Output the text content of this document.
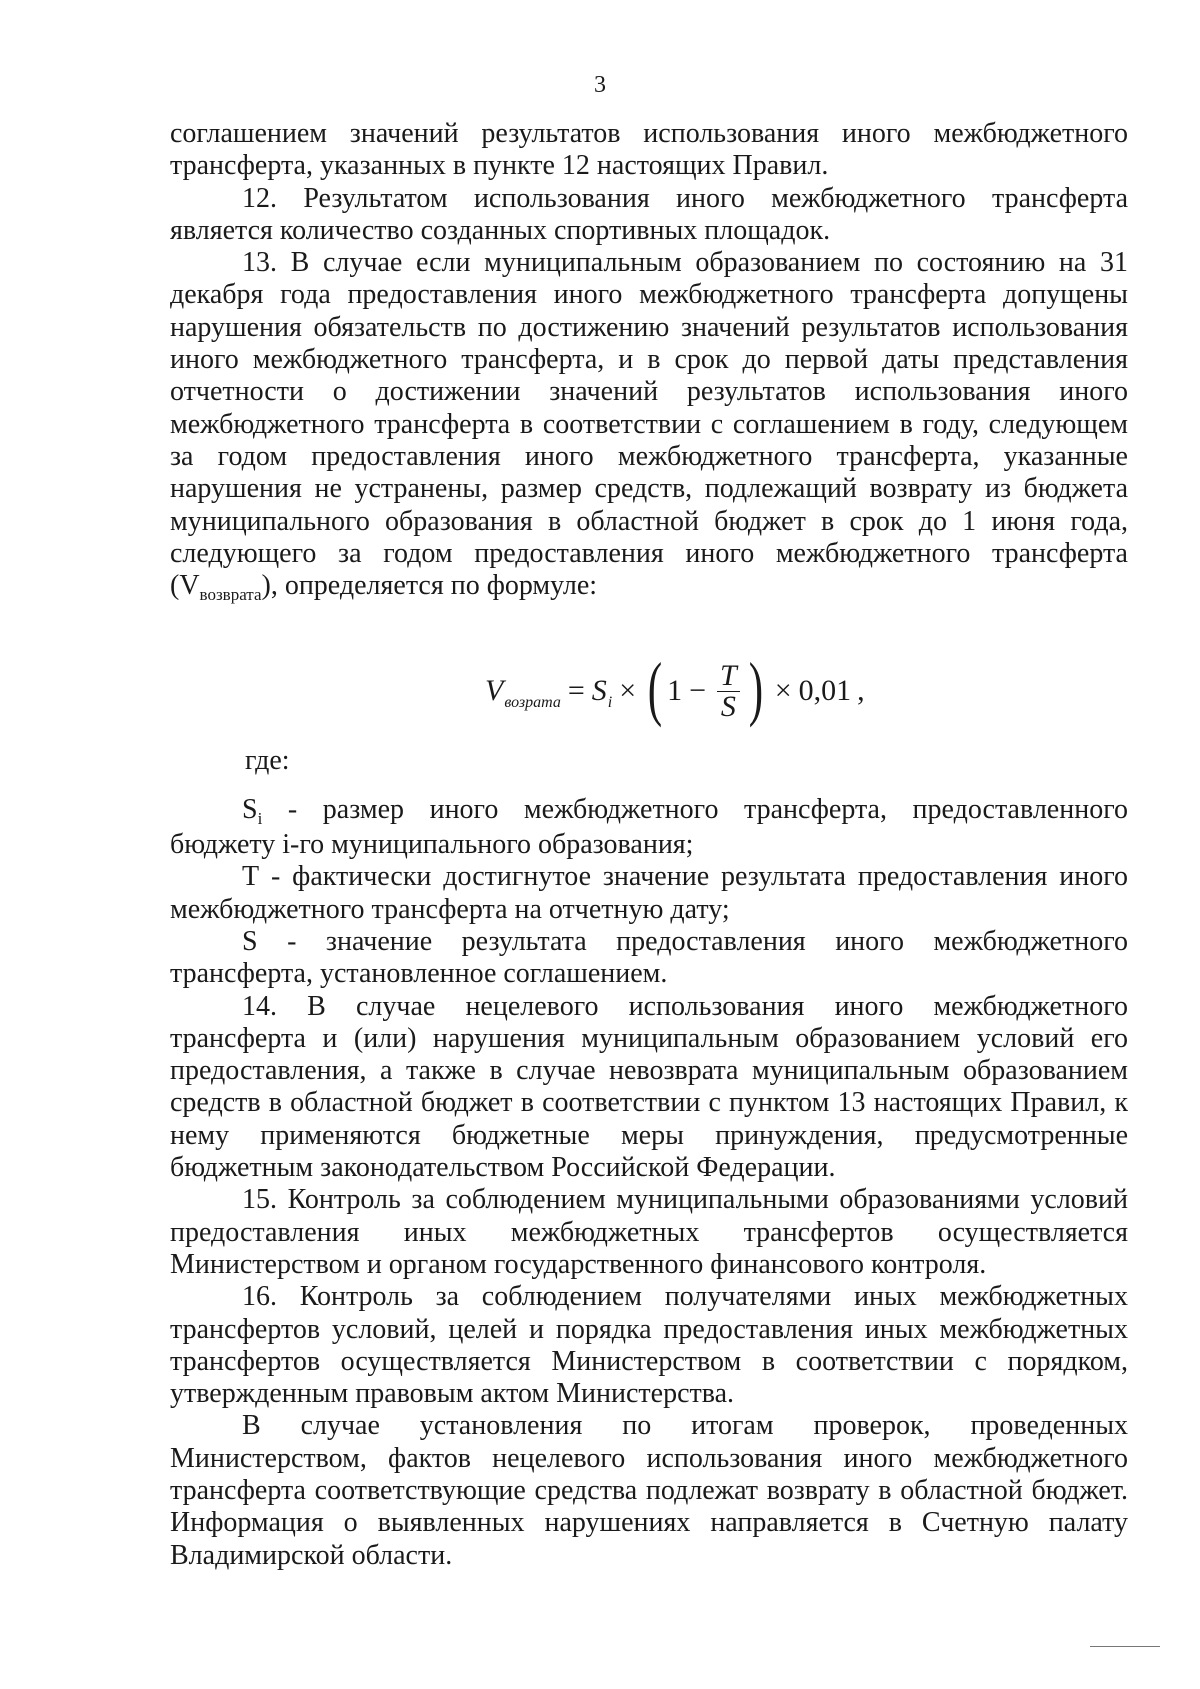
3

соглашением значений результатов использования иного межбюджетного трансферта, указанных в пункте 12 настоящих Правил.

12. Результатом использования иного межбюджетного трансферта является количество созданных спортивных площадок.

13. В случае если муниципальным образованием по состоянию на 31 декабря года предоставления иного межбюджетного трансферта допущены нарушения обязательств по достижению значений результатов использования иного межбюджетного трансферта, и в срок до первой даты представления отчетности о достижении значений результатов использования иного межбюджетного трансферта в соответствии с соглашением в году, следующем за годом предоставления иного межбюджетного трансферта, указанные нарушения не устранены, размер средств, подлежащий возврату из бюджета муниципального образования в областной бюджет в срок до 1 июня года, следующего за годом предоставления иного межбюджетного трансферта $(V_{возврата})$, определяется по формуле:

V возрата = S i × ( $1 - \frac{T}{S}$ ) × 0,01 ,

где:

$S_i$ - размер иного межбюджетного трансферта, предоставленного бюджету i-го муниципального образования;

Т - фактически достигнутое значение результата предоставления иного межбюджетного трансферта на отчетную дату;

S - значение результата предоставления иного межбюджетного трансферта, установленное соглашением.

14. В случае нецелевого использования иного межбюджетного трансферта и (или) нарушения муниципальным образованием условий его предоставления, а также в случае невозврата муниципальным образованием средств в областной бюджет в соответствии с пунктом 13 настоящих Правил, к нему применяются бюджетные меры принуждения, предусмотренные бюджетным законодательством Российской Федерации.

15. Контроль за соблюдением муниципальными образованиями условий предоставления иных межбюджетных трансфертов осуществляется Министерством и органом государственного финансового контроля.

16. Контроль за соблюдением получателями иных межбюджетных трансфертов условий, целей и порядка предоставления иных межбюджетных трансфертов осуществляется Министерством в соответствии с порядком, утвержденным правовым актом Министерства.

В случае установления по итогам проверок, проведенных Министерством, фактов нецелевого использования иного межбюджетного трансферта соответствующие средства подлежат возврату в областной бюджет. Информация о выявленных нарушениях направляется в Счетную палату Владимирской области.
